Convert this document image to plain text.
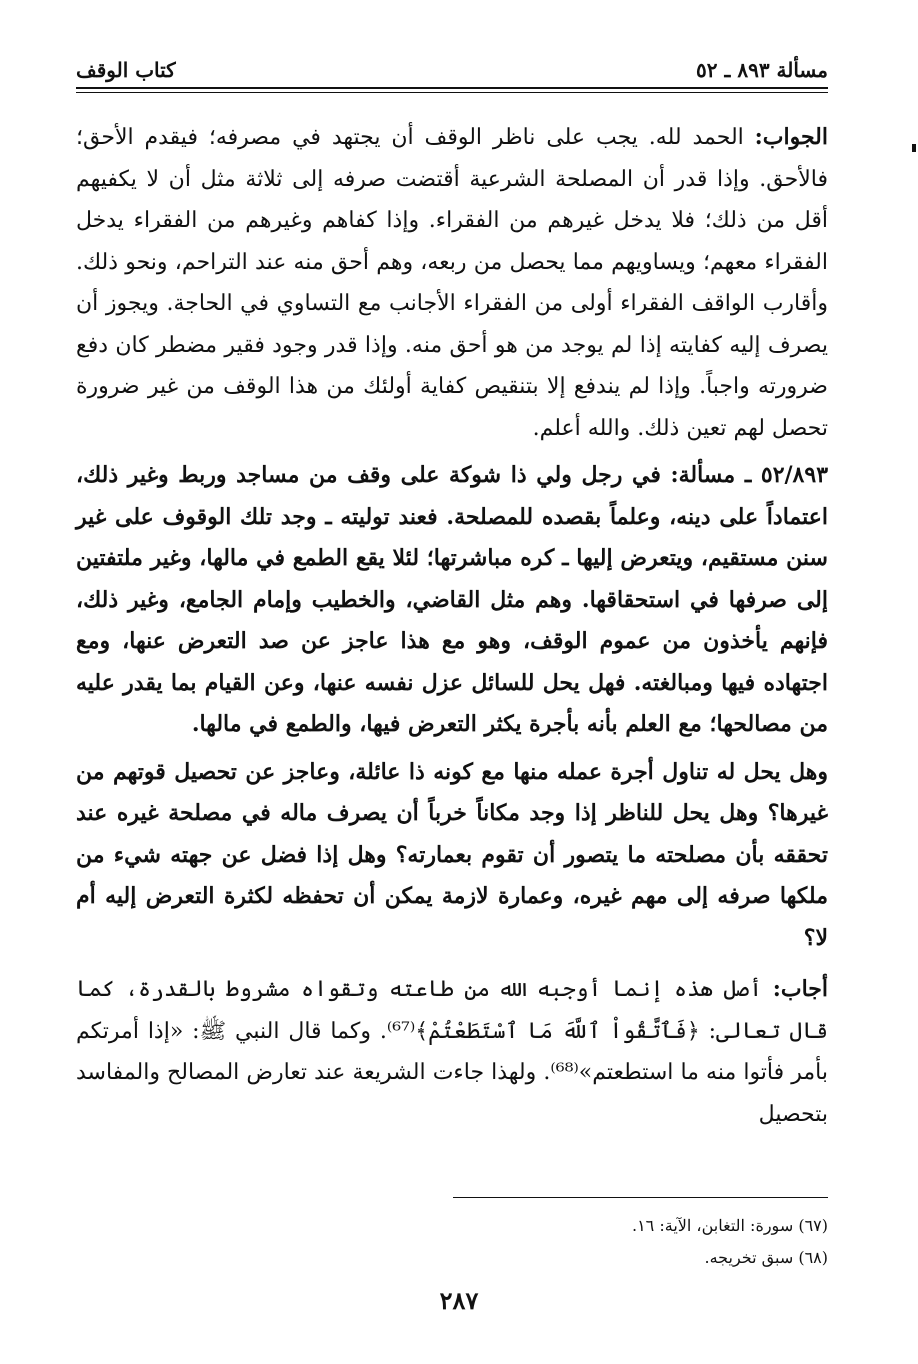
مسألة ٨٩٣ ـ ٥٢
كتاب الوقف

الجواب: الحمد لله. يجب على ناظر الوقف أن يجتهد في مصرفه؛ فيقدم الأحق؛ فالأحق. وإذا قدر أن المصلحة الشرعية أقتضت صرفه إلى ثلاثة مثل أن لا يكفيهم أقل من ذلك؛ فلا يدخل غيرهم من الفقراء. وإذا كفاهم وغيرهم من الفقراء يدخل الفقراء معهم؛ ويساويهم مما يحصل من ربعه، وهم أحق منه عند التراحم، ونحو ذلك. وأقارب الواقف الفقراء أولى من الفقراء الأجانب مع التساوي في الحاجة. ويجوز أن يصرف إليه كفايته إذا لم يوجد من هو أحق منه. وإذا قدر وجود فقير مضطر كان دفع ضرورته واجباً. وإذا لم يندفع إلا بتنقيص كفاية أولئك من هذا الوقف من غير ضرورة تحصل لهم تعين ذلك. والله أعلم.

٥٢/٨٩٣ ـ مسألة: في رجل ولي ذا شوكة على وقف من مساجد وربط وغير ذلك، اعتماداً على دينه، وعلماً بقصده للمصلحة. فعند توليته ـ وجد تلك الوقوف على غير سنن مستقيم، ويتعرض إليها ـ كره مباشرتها؛ لئلا يقع الطمع في مالها، وغير ملتفتين إلى صرفها في استحقاقها. وهم مثل القاضي، والخطيب وإمام الجامع، وغير ذلك، فإنهم يأخذون من عموم الوقف، وهو مع هذا عاجز عن صد التعرض عنها، ومع اجتهاده فيها ومبالغته. فهل يحل للسائل عزل نفسه عنها، وعن القيام بما يقدر عليه من مصالحها؛ مع العلم بأنه بأجرة يكثر التعرض فيها، والطمع في مالها.

وهل يحل له تناول أجرة عمله منها مع كونه ذا عائلة، وعاجز عن تحصيل قوتهم من غيرها؟ وهل يحل للناظر إذا وجد مكاناً خرباً أن يصرف ماله في مصلحة غيره عند تحققه بأن مصلحته ما يتصور أن تقوم بعمارته؟ وهل إذا فضل عن جهته شيء من ملكها صرفه إلى مهم غيره، وعمارة لازمة يمكن أن تحفظه لكثرة التعرض إليه أم لا؟

أجاب: أصل هذه إنما أوجبه الله من طاعته وتقواه مشروط بالقدرة، كما قال تعالى: ﴿فَٱتَّقُواْ ٱللَّهَ مَا ٱسْتَطَعْتُمْ﴾⁽⁶⁷⁾. وكما قال النبي ﷺ: «إذا أمرتكم بأمر فأتوا منه ما استطعتم»⁽⁶⁸⁾. ولهذا جاءت الشريعة عند تعارض المصالح والمفاسد بتحصيل

(٦٧) سورة: التغابن، الآية: ١٦.

(٦٨) سبق تخريجه.

٢٨٧
